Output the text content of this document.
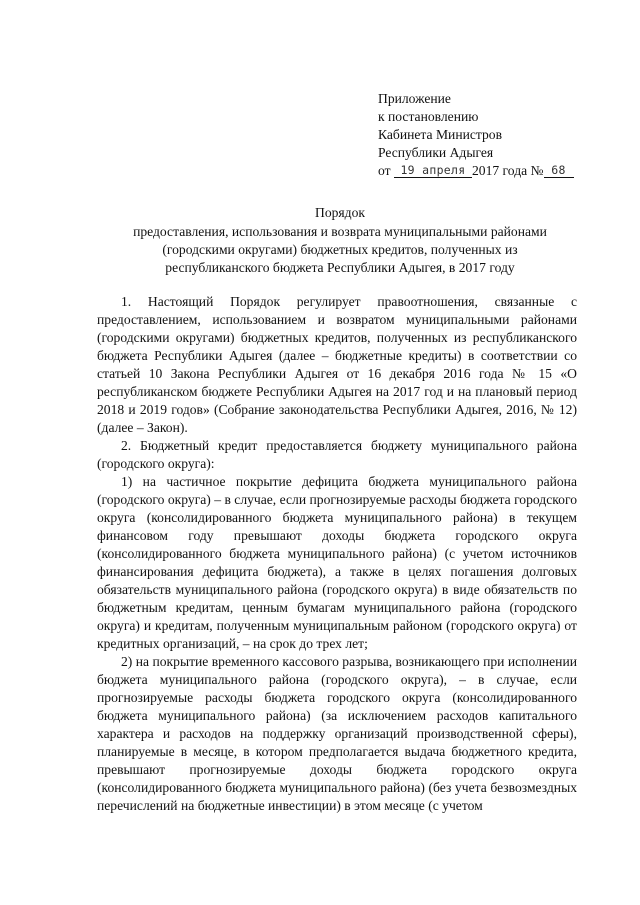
Приложение
к постановлению
Кабинета Министров
Республики Адыгея
от 19 апреля 2017 года № 68
Порядок
предоставления, использования и возврата муниципальными районами
(городскими округами) бюджетных кредитов, полученных из
республиканского бюджета Республики Адыгея, в 2017 году

1. Настоящий Порядок регулирует правоотношения, связанные с предоставлением, использованием и возвратом муниципальными районами (городскими округами) бюджетных кредитов, полученных из республиканского бюджета Республики Адыгея (далее – бюджетные кредиты) в соответствии со статьей 10 Закона Республики Адыгея от 16 декабря 2016 года № 15 «О республиканском бюджете Республики Адыгея на 2017 год и на плановый период 2018 и 2019 годов» (Собрание законодательства Республики Адыгея, 2016, № 12) (далее – Закон).

2. Бюджетный кредит предоставляется бюджету муниципального района (городского округа):

1) на частичное покрытие дефицита бюджета муниципального района (городского округа) – в случае, если прогнозируемые расходы бюджета городского округа (консолидированного бюджета муниципального района) в текущем финансовом году превышают доходы бюджета городского округа (консолидированного бюджета муниципального района) (с учетом источников финансирования дефицита бюджета), а также в целях погашения долговых обязательств муниципального района (городского округа) в виде обязательств по бюджетным кредитам, ценным бумагам муниципального района (городского округа) и кредитам, полученным муниципальным районом (городского округа) от кредитных организаций, – на срок до трех лет;

2) на покрытие временного кассового разрыва, возникающего при исполнении бюджета муниципального района (городского округа), – в случае, если прогнозируемые расходы бюджета городского округа (консолидированного бюджета муниципального района) (за исключением расходов капитального характера и расходов на поддержку организаций производственной сферы), планируемые в месяце, в котором предполагается выдача бюджетного кредита, превышают прогнозируемые доходы бюджета городского округа (консолидированного бюджета муниципального района) (без учета безвозмездных перечислений на бюджетные инвестиции) в этом месяце (с учетом
